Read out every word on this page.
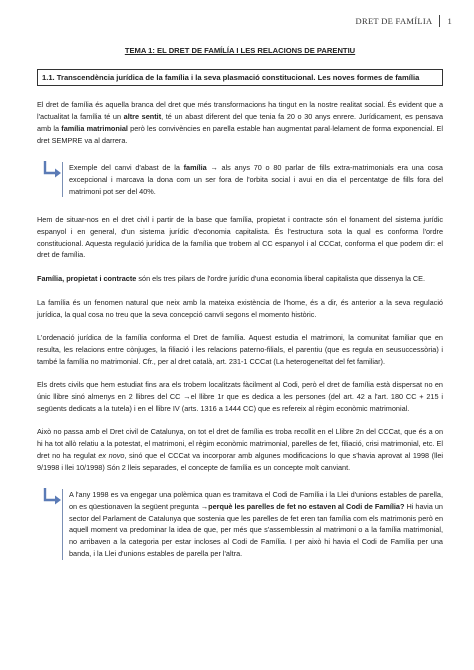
DRET DE FAMÍLIA 1
TEMA 1: EL DRET DE FAMÍLÍA I LES RELACIONS DE PARENTIU
1.1. Transcendència jurídica de la família i la seva plasmació constitucional. Les noves formes de família

El dret de família és aquella branca del dret que més transformacions ha tingut en la nostre realitat social. És evident que a l'actualitat la família té un altre sentit, té un abast diferent del que tenia fa 20 o 30 anys enrere. Jurídicament, es pensava amb la família matrimonial però les convivències en parella estable han augmentat paral·lelament de forma exponencial. El dret SEMPRE va al darrera.

Exemple del canvi d'abast de la família → als anys 70 o 80 parlar de fills extra-matrimonials era una cosa excepcional i marcava la dona com un ser fora de l'orbita social i avui en dia el percentatge de fills fora del matrimoni pot ser del 40%.

Hem de situar-nos en el dret civil i partir de la base que família, propietat i contracte són el fonament del sistema jurídic espanyol i en general, d'un sistema jurídic d'economia capitalista. És l'estructura sota la qual es conforma l'ordre constitucional. Aquesta regulació jurídica de la família que trobem al CC espanyol i al CCCat, conforma el que podem dir: el dret de família.

Família, propietat i contracte són els tres pilars de l'ordre jurídic d'una economia liberal capitalista que dissenya la CE.

La família és un fenomen natural que neix amb la mateixa existència de l'home, és a dir, és anterior a la seva regulació jurídica, la qual cosa no treu que la seva concepció canvïi segons el momento històric.

L'ordenació jurídica de la família conforma el Dret de família. Aquest estudia el matrimoni, la comunitat familiar que en resulta, les relacions entre cònjuges, la filiació i les relacions paterno-filials, el parentiu (que es regula en seusuccessòria) i també la família no matrimonial. Cfr., per al dret català, art. 231-1 CCCat (La heterogeneïtat del fet familiar).

Els drets civils que hem estudiat fins ara els trobem localitzats fàcilment al Codi, però el dret de família està dispersat no en únic llibre sinó almenys en 2 llibres del CC →el llibre 1r que es dedica a les persones (del art. 42 a l'art. 180 CC + 215 i següents dedicats a la tutela) i en el llibre IV (arts. 1316 a 1444 CC) que es refereix al règim econòmic matrimonial.

Això no passa amb el Dret civil de Catalunya, on tot el dret de família es troba recollit en el Llibre 2n del CCCat, que és a on hi ha tot allò relatiu a la potestat, el matrimoni, el règim econòmic matrimonial, parelles de fet, filiació, crisi matrimonial, etc. El dret no ha regulat ex novo, sinó que el CCCat va incorporar amb algunes modificacions lo que s'havia aprovat al 1998 (llei 9/1998 i llei 10/1998) Són 2 lleis separades, el concepte de família es un concepte molt canviant.

A l'any 1998 es va engegar una polèmica quan es tramitava el Codi de Família i la Llei d'unions estables de parella, on es qüestionaven la següent pregunta →perquè les parelles de fet no estaven al Codi de Família? Hi havia un sector del Parlament de Catalunya que sostenia que les parelles de fet eren tan família com els matrimonis però en aquell moment va predominar la idea de que, per més que s'assemblessin al matrimoni o a la família matrimonial, no arribaven a la categoria per estar incloses al Codi de Família. I per això hi havia el Codi de Família per una banda, i la Llei d'unions estables de parella per l'altra.
